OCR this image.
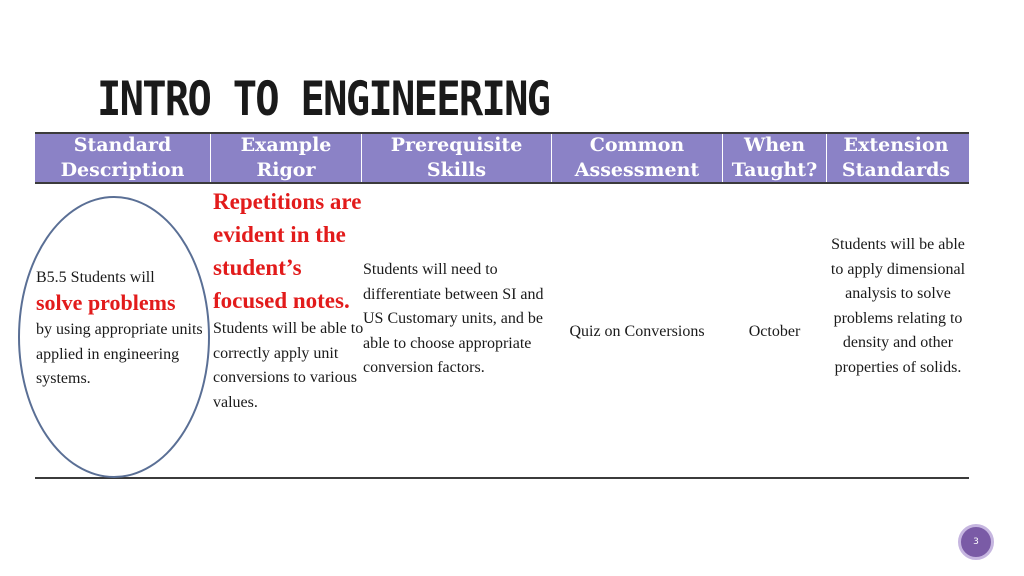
INTRO TO ENGINEERING
Standard
Description
Example
Rigor
Prerequisite
Skills
Common
Assessment
When
Taught?
Extension
Standards
B5.5 Students will
solve problems
by using appropriate units applied in engineering systems.
Repetitions are evident in the student’s focused notes. Students will be able to correctly apply unit conversions to various values.
Students will need to differentiate between SI and US Customary units, and be able to choose appropriate conversion factors.
Quiz on Conversions	October
Students will be able to apply dimensional analysis to solve problems relating to density and other properties of solids.
3
